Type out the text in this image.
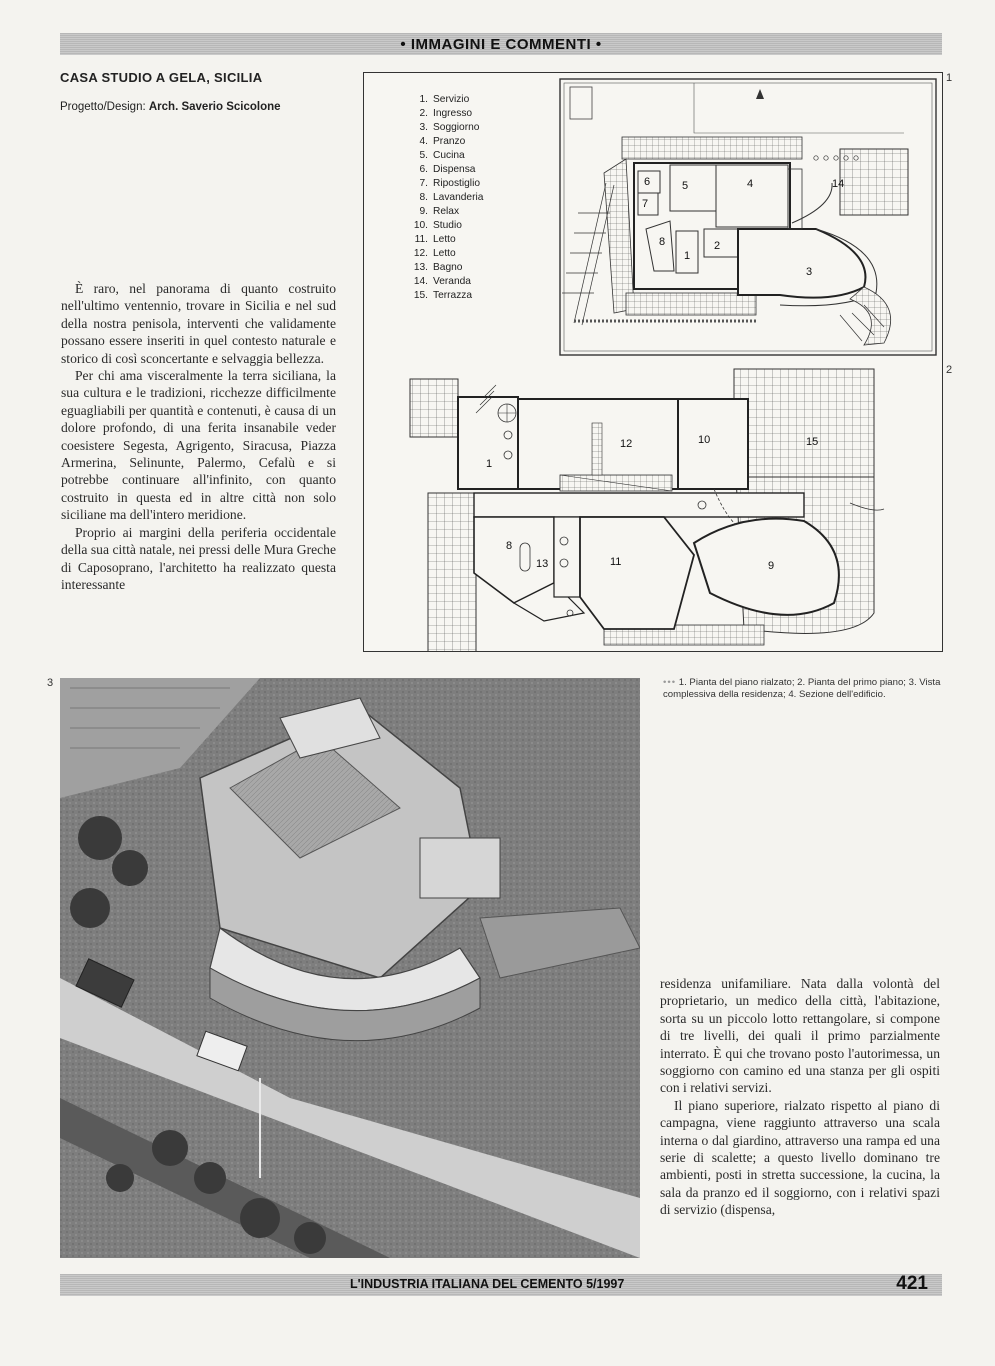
• IMMAGINI E COMMENTI •
CASA STUDIO A GELA, SICILIA
Progetto/Design: Arch. Saverio Scicolone

È raro, nel panorama di quanto costruito nell'ultimo ventennio, trovare in Sicilia e nel sud della nostra penisola, interventi che validamente possano essere inseriti in quel contesto naturale e storico di così sconcertante e selvaggia bellezza.

Per chi ama visceralmente la terra siciliana, la sua cultura e le tradizioni, ricchezze difficilmente eguagliabili per quantità e contenuti, è causa di un dolore profondo, di una ferita insanabile veder coesistere Segesta, Agrigento, Siracusa, Piazza Armerina, Selinunte, Palermo, Cefalù e si potrebbe continuare all'infinito, con quanto costruito in questa ed in altre città non solo siciliane ma dell'intero meridione.

Proprio ai margini della periferia occidentale della sua città natale, nei pressi delle Mura Greche di Caposoprano, l'architetto ha realizzato questa interessante

1. Servizio
2. Ingresso
3. Soggiorno
4. Pranzo
5. Cucina
6. Dispensa
7. Ripostiglio
8. Lavanderia
9. Relax
10. Studio
11. Letto
12. Letto
13. Bagno
14. Veranda
15. Terrazza
5	4
6
7
8
1
2
3
14
1
12	10	15
8
13	11	9
1
2
3	••• 1. Pianta del piano rialzato; 2. Pianta del primo piano; 3. Vista complessiva della residenza; 4. Sezione dell'edificio.

residenza unifamiliare. Nata dalla volontà del proprietario, un medico della città, l'abitazione, sorta su un piccolo lotto rettangolare, si compone di tre livelli, dei quali il primo parzialmente interrato. È qui che trovano posto l'autorimessa, un soggiorno con camino ed una stanza per gli ospiti con i relativi servizi.

Il piano superiore, rialzato rispetto al piano di campagna, viene raggiunto attraverso una scala interna o dal giardino, attraverso una rampa ed una serie di scalette; a questo livello dominano tre ambienti, posti in stretta successione, la cucina, la sala da pranzo ed il soggiorno, con i relativi spazi di servizio (dispensa,

L'INDUSTRIA ITALIANA DEL CEMENTO 5/1997	421
